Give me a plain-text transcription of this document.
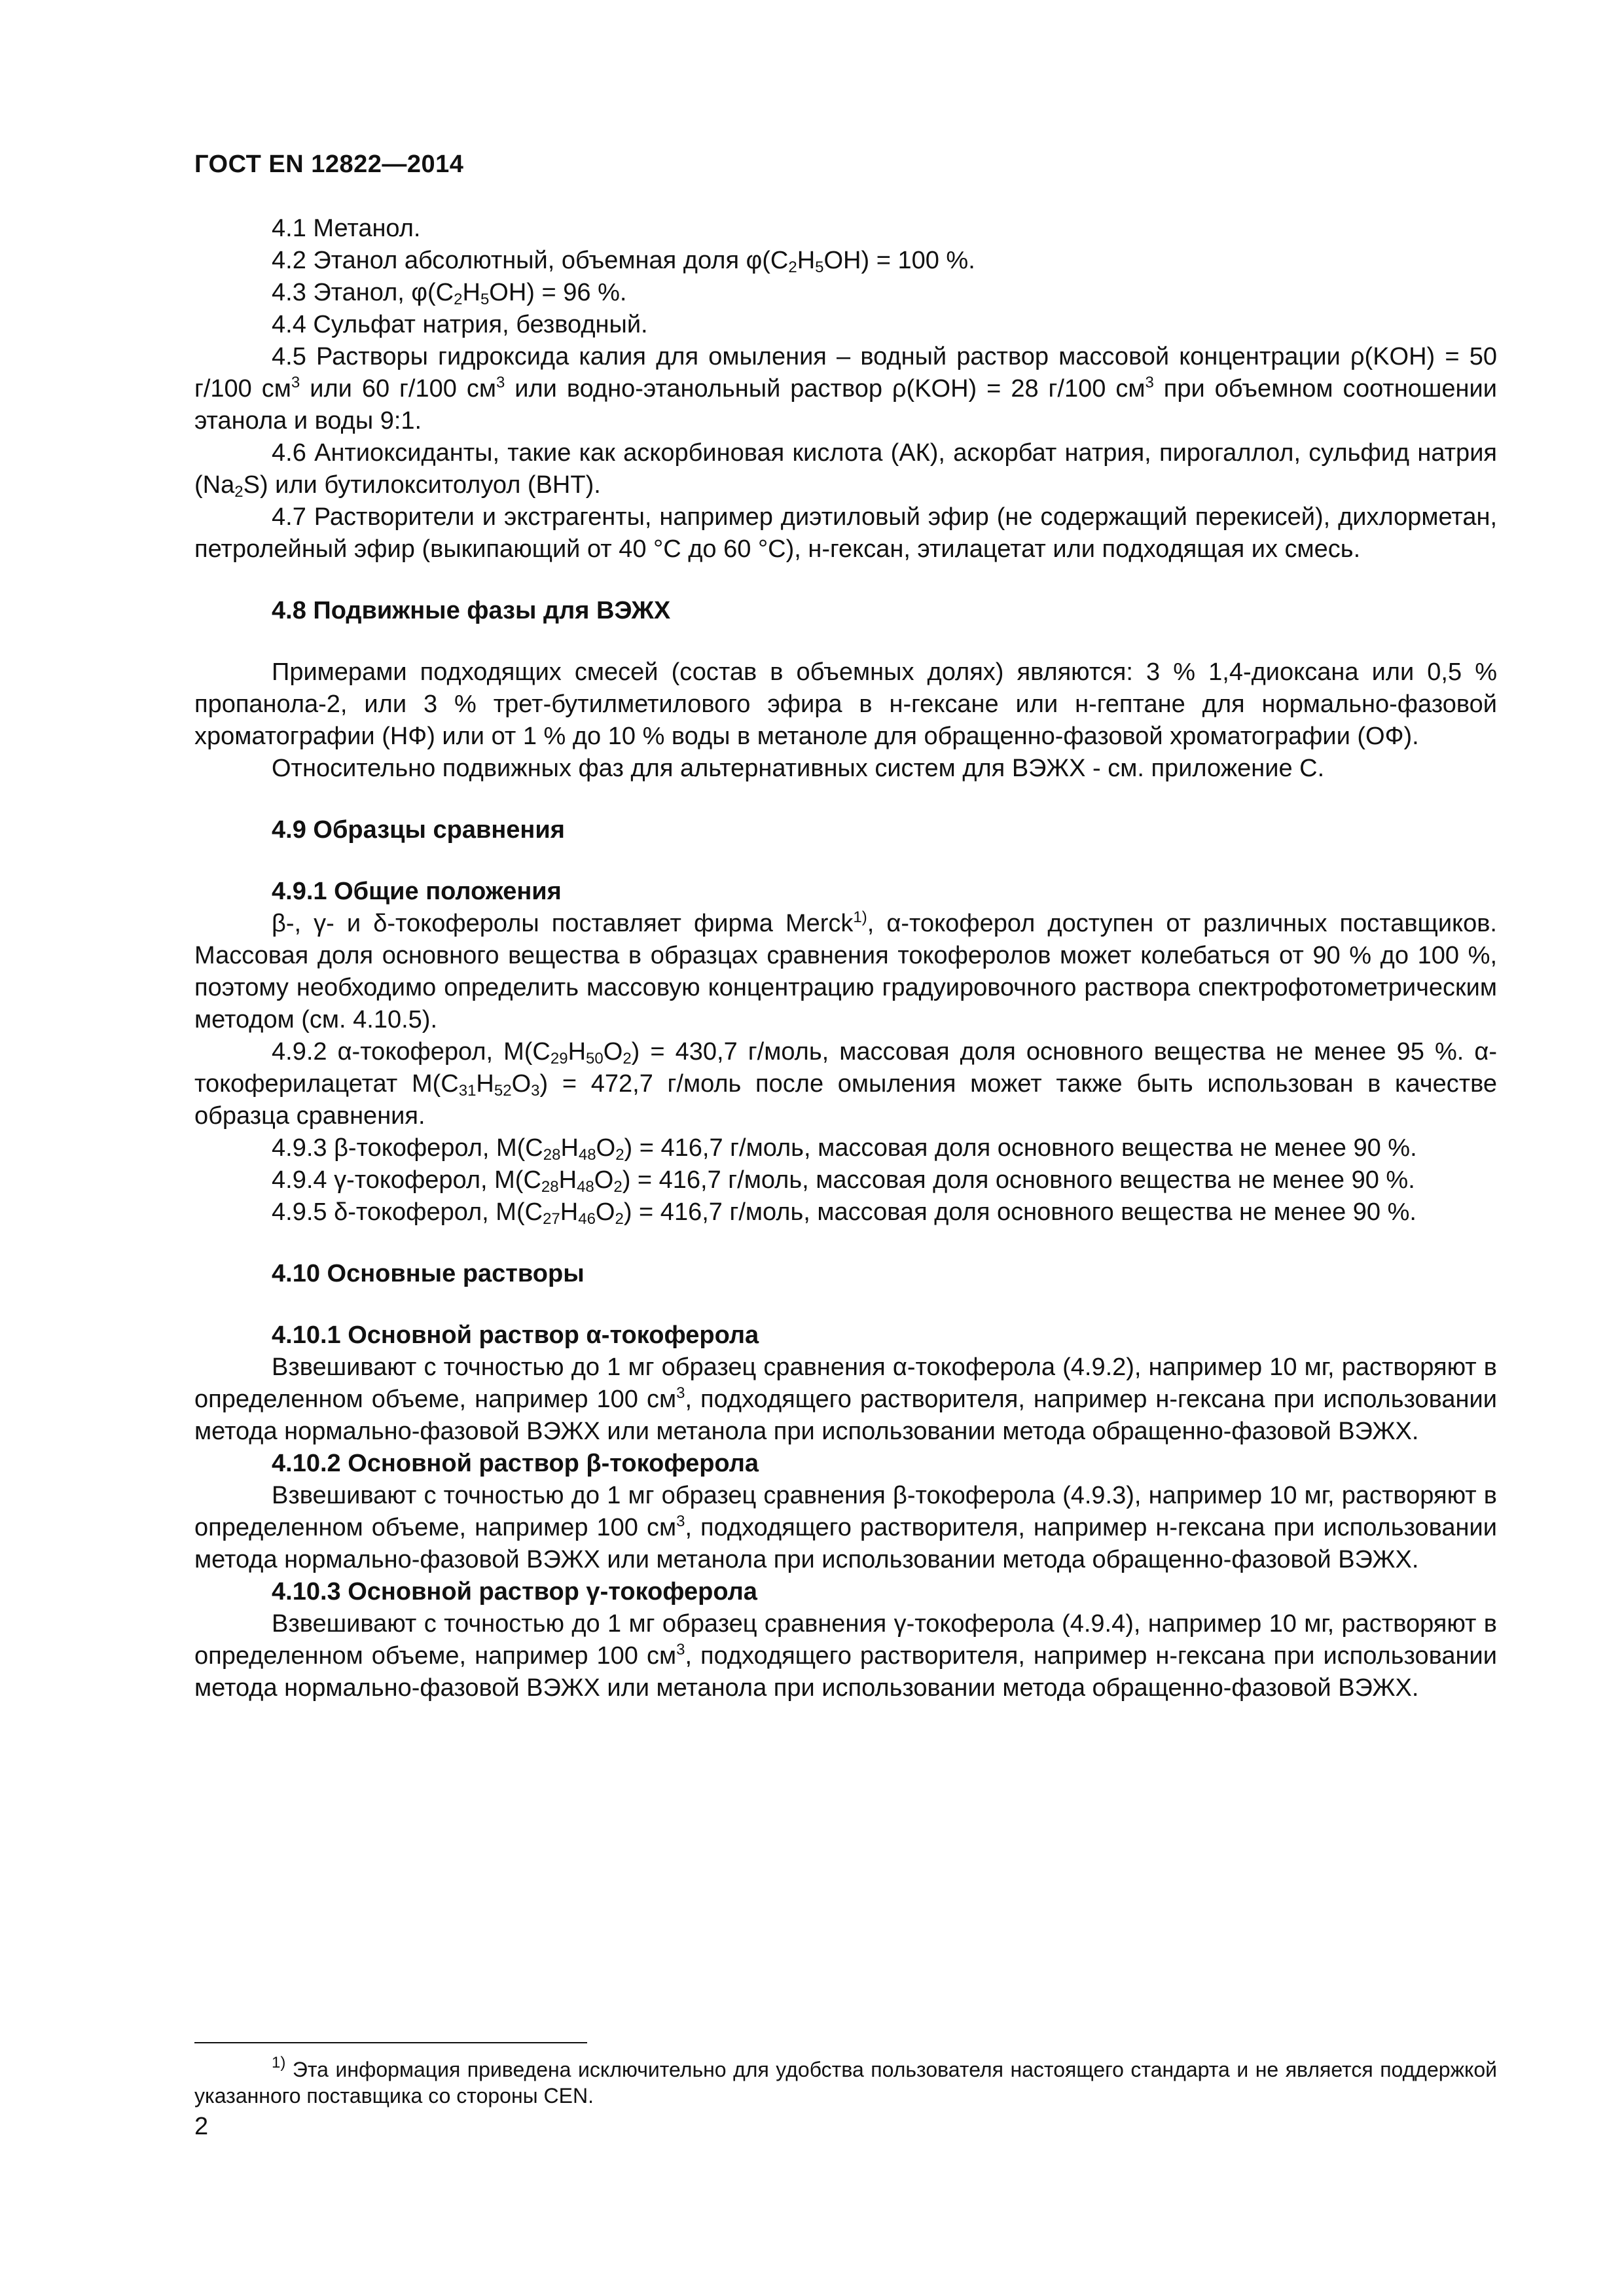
ГОСТ EN 12822—2014

4.1 Метанол.

4.2 Этанол абсолютный, объемная доля $\varphi(C_2H_5OH) = 100$ %.

4.3 Этанол, $\varphi(C_2H_5OH) = 96$ %.

4.4 Сульфат натрия, безводный.

4.5 Растворы гидроксида калия для омыления – водный раствор массовой концентрации ρ(KOH) = 50 г/100 $см^3$ или 60 г/100 $см^3$ или водно-этанольный раствор ρ(KOH) = 28 г/100 $см^3$ при объемном соотношении этанола и воды 9:1.

4.6 Антиоксиданты, такие как аскорбиновая кислота (АК), аскорбат натрия, пирогаллол, сульфид натрия $(Na_2S)$ или бутилокситолуол (ВНТ).

4.7 Растворители и экстрагенты, например диэтиловый эфир (не содержащий перекисей), дихлорметан, петролейный эфир (выкипающий от 40 °С до 60 °С), н-гексан, этилацетат или подходящая их смесь.

4.8 Подвижные фазы для ВЭЖХ

Примерами подходящих смесей (состав в объемных долях) являются: 3 % 1,4-диоксана или 0,5 % пропанола-2, или 3 % трет-бутилметилового эфира в н-гексане или н-гептане для нормально-фазовой хроматографии (НФ) или от 1 % до 10 % воды в метаноле для обращенно-фазовой хроматографии (ОФ).

Относительно подвижных фаз для альтернативных систем для ВЭЖХ - см. приложение С.

4.9 Образцы сравнения
4.9.1 Общие положения

β-, γ- и δ-токоферолы поставляет фирма Merck$^{1)}$, α-токоферол доступен от различных поставщиков. Массовая доля основного вещества в образцах сравнения токоферолов может колебаться от 90 % до 100 %, поэтому необходимо определить массовую концентрацию градуировочного раствора спектрофотометрическим методом (см. 4.10.5).

4.9.2 α-токоферол, $M(C_{29}H_{50}O_2) = 430,7$ г/моль, массовая доля основного вещества не менее 95 %. α-токоферилацетат $M(C_{31}H_{52}O_3) = 472,7$ г/моль после омыления может также быть использован в качестве образца сравнения.

4.9.3 β-токоферол, $M(C_{28}H_{48}O_2) = 416,7$ г/моль, массовая доля основного вещества не менее 90 %.

4.9.4 γ-токоферол, $M(C_{28}H_{48}O_2) = 416,7$ г/моль, массовая доля основного вещества не менее 90 %.

4.9.5 δ-токоферол, $M(C_{27}H_{46}O_2) = 416,7$ г/моль, массовая доля основного вещества не менее 90 %.

4.10 Основные растворы
4.10.1 Основной раствор α-токоферола

Взвешивают с точностью до 1 мг образец сравнения α-токоферола (4.9.2), например 10 мг, растворяют в определенном объеме, например 100 $см^3$, подходящего растворителя, например н-гексана при использовании метода нормально-фазовой ВЭЖХ или метанола при использовании метода обращенно-фазовой ВЭЖХ.

4.10.2 Основной раствор β-токоферола

Взвешивают с точностью до 1 мг образец сравнения β-токоферола (4.9.3), например 10 мг, растворяют в определенном объеме, например 100 $см^3$, подходящего растворителя, например н-гексана при использовании метода нормально-фазовой ВЭЖХ или метанола при использовании метода обращенно-фазовой ВЭЖХ.

4.10.3 Основной раствор γ-токоферола

Взвешивают с точностью до 1 мг образец сравнения γ-токоферола (4.9.4), например 10 мг, растворяют в определенном объеме, например 100 $см^3$, подходящего растворителя, например н-гексана при использовании метода нормально-фазовой ВЭЖХ или метанола при использовании метода обращенно-фазовой ВЭЖХ.

$^{1)}$ Эта информация приведена исключительно для удобства пользователя настоящего стандарта и не является поддержкой указанного поставщика со стороны CEN.
2
